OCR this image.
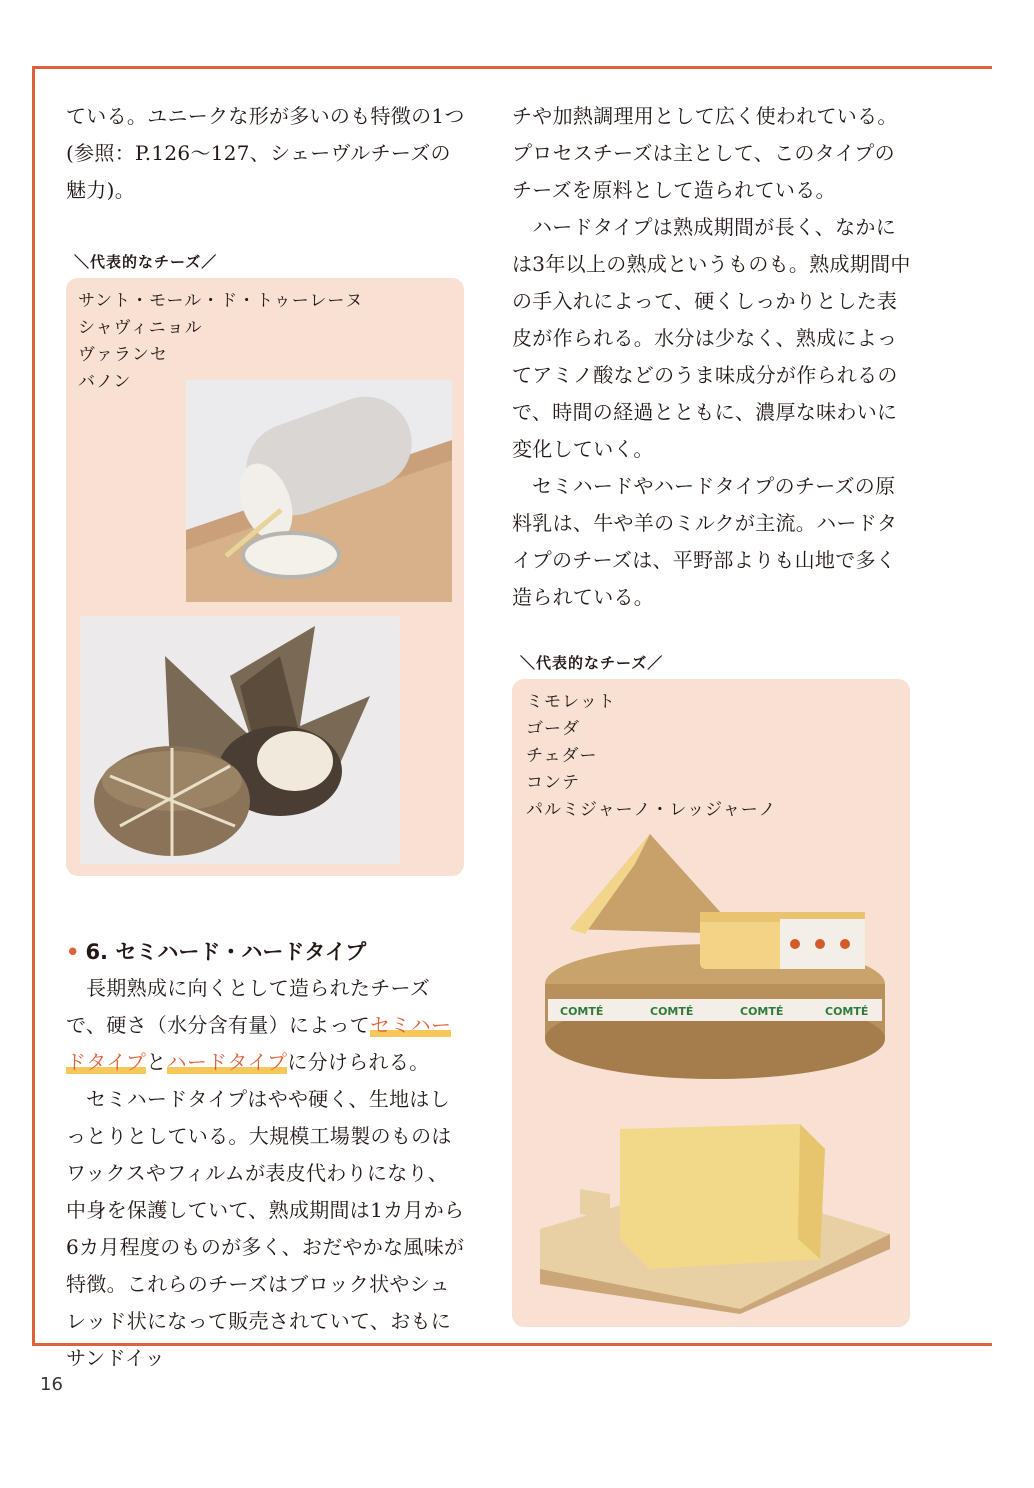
ている。ユニークな形が多いのも特徴の1つ(参照：P.126〜127、シェーヴルチーズの魅力)。

＼代表的なチーズ／
サント・モール・ド・トゥーレーヌ
シャヴィニョル
ヴァランセ
バノン
• 6. セミハード・ハードタイプ

長期熟成に向くとして造られたチーズで、硬さ（水分含有量）によってセミハードタイプとハードタイプに分けられる。

セミハードタイプはやや硬く、生地はしっとりとしている。大規模工場製のものはワックスやフィルムが表皮代わりになり、中身を保護していて、熟成期間は1カ月から6カ月程度のものが多く、おだやかな風味が特徴。これらのチーズはブロック状やシュレッド状になって販売されていて、おもにサンドイッ

チや加熱調理用として広く使われている。プロセスチーズは主として、このタイプのチーズを原料として造られている。

ハードタイプは熟成期間が長く、なかには3年以上の熟成というものも。熟成期間中の手入れによって、硬くしっかりとした表皮が作られる。水分は少なく、熟成によってアミノ酸などのうま味成分が作られるので、時間の経過とともに、濃厚な味わいに変化していく。

セミハードやハードタイプのチーズの原料乳は、牛や羊のミルクが主流。ハードタイプのチーズは、平野部よりも山地で多く造られている。

＼代表的なチーズ／
ミモレット
ゴーダ
チェダー
コンテ
パルミジャーノ・レッジャーノ
COMTÉ	COMTÉ	COMTÉ	COMTÉ
16
